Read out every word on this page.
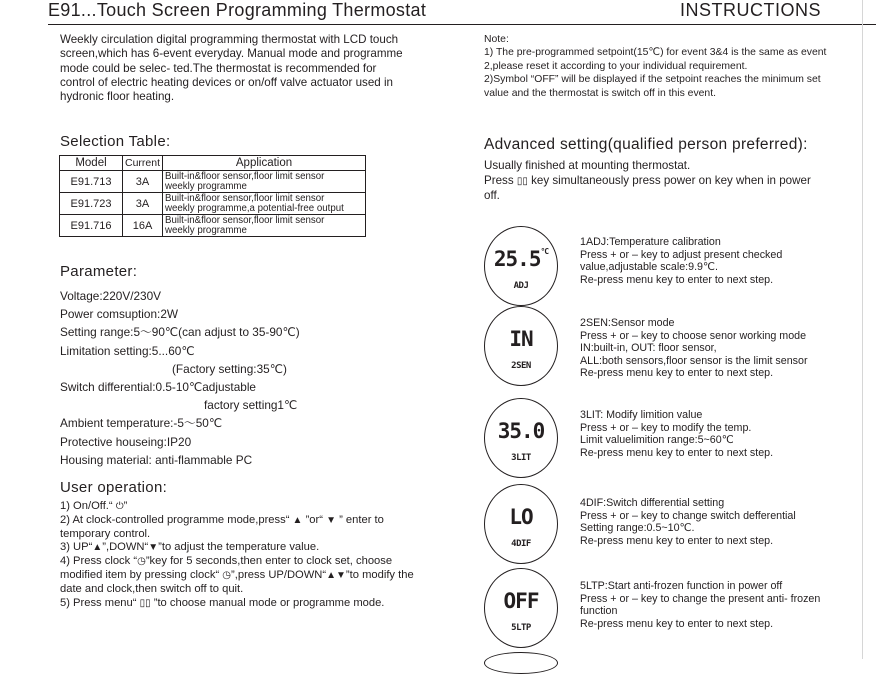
E91...Touch Screen Programming Thermostat	INSTRUCTIONS
Weekly circulation digital programming thermostat with LCD touch screen,which has 6-event everyday. Manual mode and programme mode could be selec- ted.The thermostat is recommended for control of electric heating devices or on/off valve actuator used in hydronic floor heating.
Selection Table:
Model	Current	Application
E91.713	3A	Built-in&floor sensor,floor limit sensor
weekly programme

E91.723	3A	Built-in&floor sensor,floor limit sensor
weekly programme,a potential-free output

E91.716	16A	Built-in&floor sensor,floor limit sensor
weekly programme
Parameter:
Voltage:220V/230V
Power comsuption:2W
Setting range:5～90℃(can adjust to 35-90℃)
Limitation setting:5...60℃
(Factory setting:35℃)
Switch differential:0.5-10℃adjustable
factory setting1℃
Ambient temperature:-5～50℃
Protective houseing:IP20
Housing material: anti-flammable PC
User operation:
1) On/Off.“ ⏻”
2) At clock-controlled programme mode,press“ ▲ ”or“ ▼ ” enter to temporary control.
3) UP“▲”,DOWN“▼”to adjust the temperature value.
4) Press clock “◷”key for 5 seconds,then enter to clock set, choose modified item by pressing clock“ ◷”,press UP/DOWN“▲▼”to modify the date and clock,then switch off to quit.
5) Press menu“ ▯▯ ”to choose manual mode or programme mode.
Note:
1) The pre-programmed setpoint(15℃) for event 3&4 is the same as event 2,please reset it according to your individual requirement.
2)Symbol “OFF” will be displayed if the setpoint reaches the minimum set value and the thermostat is switch off in this event.
Advanced setting(qualified person preferred):
Usually finished at mounting thermostat.
Press ▯▯ key simultaneously press power on key when in power off.
$25.5^{^\circ C}$
ADJ
1ADJ:Temperature calibration
Press + or – key to adjust present checked value,adjustable scale:9.9℃.
Re-press menu key to enter to next step.
IN
2SEN
2SEN:Sensor mode
Press + or – key to choose senor working mode
IN:built-in, OUT: floor sensor,
ALL:both sensors,floor sensor is the limit sensor
Re-press menu key to enter to next step.
35.0
3LIT
3LIT: Modify limition value
Press + or – key to modify the temp.
Limit valuelimition range:5~60℃
Re-press menu key to enter to next step.
LO
4DIF
4DIF:Switch differential setting
Press + or – key to change switch defferential
Setting range:0.5~10℃.
Re-press menu key to enter to next step.
OFF
5LTP
5LTP:Start anti-frozen function in power off
Press + or – key to change the present anti- frozen function
Re-press menu key to enter to next step.
